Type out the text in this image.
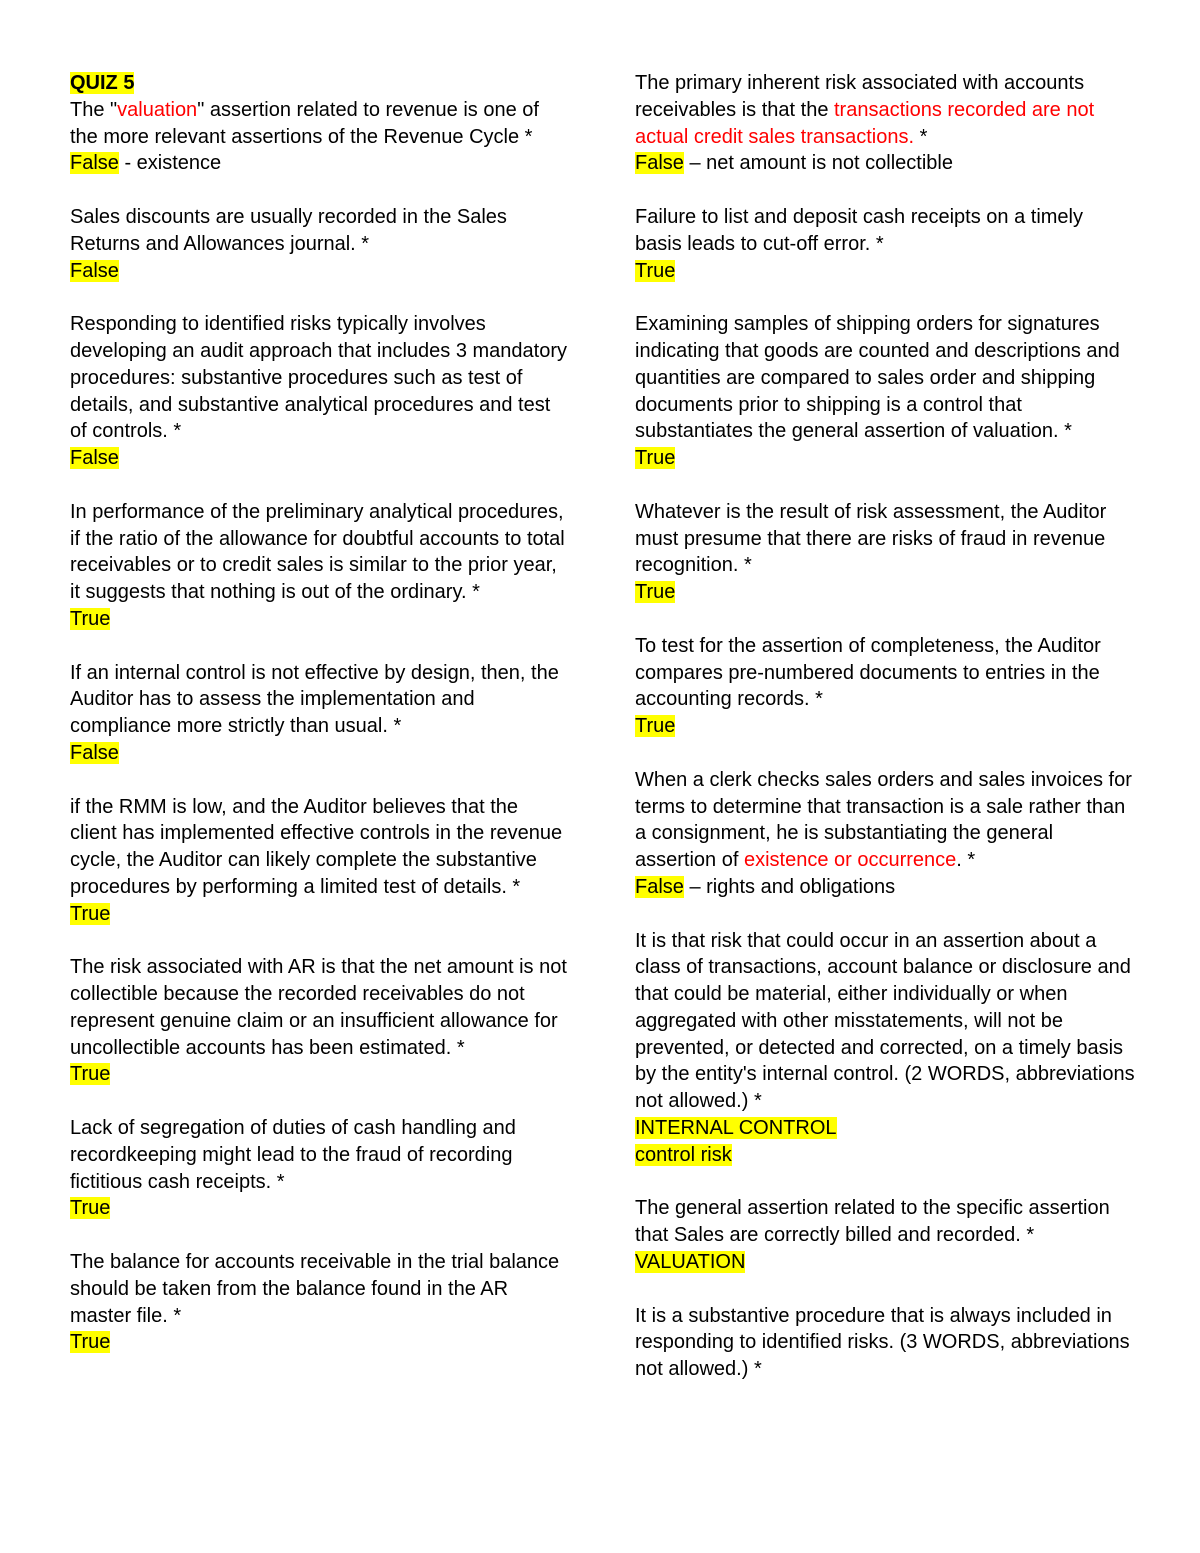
QUIZ 5
The "valuation" assertion related to revenue is one of the more relevant assertions of the Revenue Cycle *
False - existence
Sales discounts are usually recorded in the Sales Returns and Allowances journal. *
False
Responding to identified risks typically involves developing an audit approach that includes 3 mandatory procedures: substantive procedures such as test of details, and substantive analytical procedures and test of controls. *
False
In performance of the preliminary analytical procedures, if the ratio of the allowance for doubtful accounts to total receivables or to credit sales is similar to the prior year, it suggests that nothing is out of the ordinary. *
True
If an internal control is not effective by design, then, the Auditor has to assess the implementation and compliance more strictly than usual. *
False
if the RMM is low, and the Auditor believes that the client has implemented effective controls in the revenue cycle, the Auditor can likely complete the substantive procedures by performing a limited test of details. *
True
The risk associated with AR is that the net amount is not collectible because the recorded receivables do not represent genuine claim or an insufficient allowance for uncollectible accounts has been estimated. *
True
Lack of segregation of duties of cash handling and recordkeeping might lead to the fraud of recording fictitious cash receipts. *
True
The balance for accounts receivable in the trial balance should be taken from the balance found in the AR master file. *
True
The primary inherent risk associated with accounts receivables is that the transactions recorded are not actual credit sales transactions. *
False – net amount is not collectible
Failure to list and deposit cash receipts on a timely basis leads to cut-off error. *
True
Examining samples of shipping orders for signatures indicating that goods are counted and descriptions and quantities are compared to sales order and shipping documents prior to shipping is a control that substantiates the general assertion of valuation. *
True
Whatever is the result of risk assessment, the Auditor must presume that there are risks of fraud in revenue recognition. *
True
To test for the assertion of completeness, the Auditor compares pre-numbered documents to entries in the accounting records. *
True
When a clerk checks sales orders and sales invoices for terms to determine that transaction is a sale rather than a consignment, he is substantiating the general assertion of existence or occurrence. *
False – rights and obligations
It is that risk that could occur in an assertion about a class of transactions, account balance or disclosure and that could be material, either individually or when aggregated with other misstatements, will not be prevented, or detected and corrected, on a timely basis by the entity's internal control. (2 WORDS, abbreviations not allowed.) *
INTERNAL CONTROL
control risk
The general assertion related to the specific assertion that Sales are correctly billed and recorded. *
VALUATION
It is a substantive procedure that is always included in responding to identified risks. (3 WORDS, abbreviations not allowed.) *
